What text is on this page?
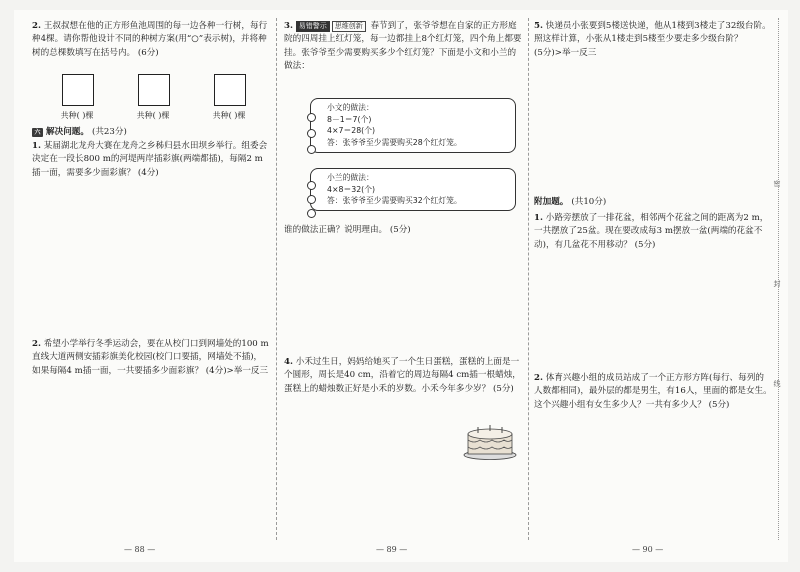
2. 王叔叔想在他的正方形鱼池周围的每一边各种一行树，每行种4棵。请你帮他设计不同的种树方案(用“○”表示树)，并将种树的总棵数填写在括号内。 (6分)
共种( )棵	共种( )棵	共种( )棵
六 解决问题。 (共23分)
1. 某届湖北龙舟大赛在龙舟之乡秭归县水田坝乡举行。组委会决定在一段长800 m的河堤两岸插彩旗(两端都插)，每隔2 m插一面，需要多少面彩旗？ (4分)
2. 希望小学举行冬季运动会，要在从校门口到网墙处的100 m直线大道两侧安插彩旗美化校园(校门口要插，网墙处不插)，如果每隔4 m插一面，一共要插多少面彩旗？ (4分)>举一反三
— 88 —
3. 易错警示 思维创新 春节到了，张爷爷想在自家的正方形庭院的四周挂上红灯笼，每一边都挂上8个红灯笼，四个角上都要挂。张爷爷至少需要购买多少个红灯笼？下面是小文和小兰的做法：
小文的做法：
8－1＝7(个)
4×7＝28(个)
答：张爷爷至少需要购买28个红灯笼。
小兰的做法：
4×8＝32(个)
答：张爷爷至少需要购买32个红灯笼。
谁的做法正确？说明理由。 (5分)
4. 小禾过生日，妈妈给她买了一个生日蛋糕，蛋糕的上面是一个圆形，周长是40 cm，沿着它的周边每隔4 cm插一根蜡烛，蛋糕上的蜡烛数正好是小禾的岁数。小禾今年多少岁？ (5分)
— 89 —
5. 快递员小张要到5楼送快递，他从1楼到3楼走了32级台阶。照这样计算，小张从1楼走到5楼至少要走多少级台阶？ (5分)>举一反三
附加题。 (共10分)
1. 小路旁摆放了一排花盆，相邻两个花盆之间的距离为2 m，一共摆放了25盆。现在要改成每3 m摆放一盆(两端的花盆不动)，有几盆花不用移动？ (5分)
2. 体育兴趣小组的成员站成了一个正方形方阵(每行、每列的人数都相同)，最外层的都是男生，有16人，里面的都是女生。这个兴趣小组有女生多少人？一共有多少人？ (5分)
— 90 —
密
封
线
